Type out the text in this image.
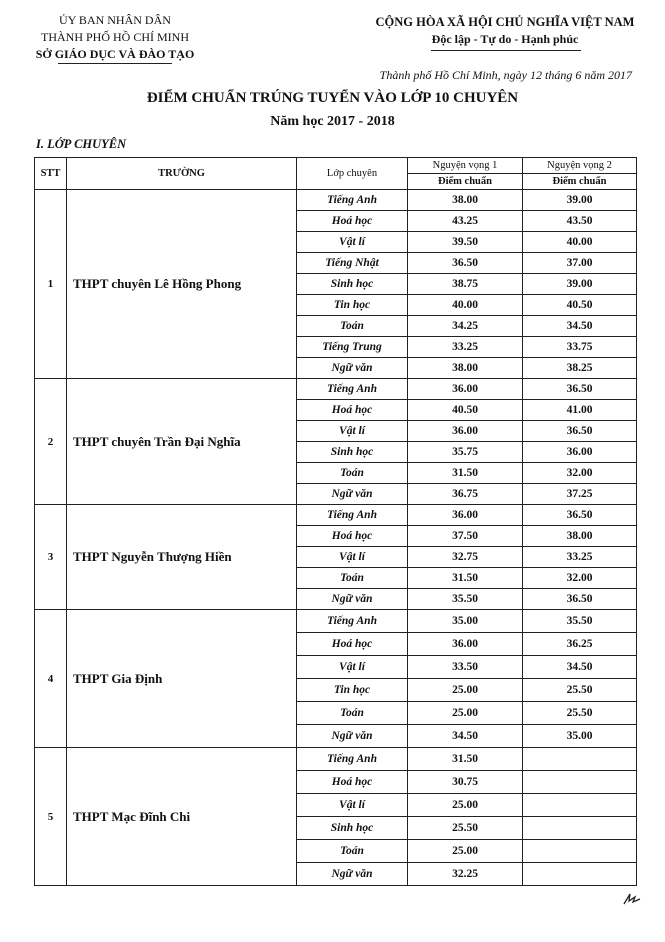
ỦY BAN NHÂN DÂN
THÀNH PHỐ HỒ CHÍ MINH
SỞ GIÁO DỤC VÀ ĐÀO TẠO
CỘNG HÒA XÃ HỘI CHỦ NGHĨA VIỆT NAM
Độc lập - Tự do - Hạnh phúc
Thành phố Hồ Chí Minh, ngày 12 tháng 6 năm 2017
ĐIỂM CHUẨN TRÚNG TUYỂN VÀO LỚP 10 CHUYÊN
Năm học 2017 - 2018
I. LỚP CHUYÊN
STT	TRƯỜNG	Lớp chuyên	Nguyện vọng 1	Nguyện vọng 2
			Điểm chuẩn	Điểm chuẩn
1	THPT chuyên Lê Hồng Phong	Tiếng Anh	38.00	39.00
		Hoá học	43.25	43.50
		Vật lí	39.50	40.00
		Tiếng Nhật	36.50	37.00
		Sinh học	38.75	39.00
		Tin học	40.00	40.50
		Toán	34.25	34.50
		Tiếng Trung	33.25	33.75
		Ngữ văn	38.00	38.25
2	THPT chuyên Trần Đại Nghĩa	Tiếng Anh	36.00	36.50
		Hoá học	40.50	41.00
		Vật lí	36.00	36.50
		Sinh học	35.75	36.00
		Toán	31.50	32.00
		Ngữ văn	36.75	37.25
3	THPT Nguyễn Thượng Hiền	Tiếng Anh	36.00	36.50
		Hoá học	37.50	38.00
		Vật lí	32.75	33.25
		Toán	31.50	32.00
		Ngữ văn	35.50	36.50
4	THPT Gia Định	Tiếng Anh	35.00	35.50
		Hoá học	36.00	36.25
		Vật lí	33.50	34.50
		Tin học	25.00	25.50
		Toán	25.00	25.50
		Ngữ văn	34.50	35.00
5	THPT Mạc Đĩnh Chi	Tiếng Anh	31.50	
		Hoá học	30.75	
		Vật lí	25.00	
		Sinh học	25.50	
		Toán	25.00	
		Ngữ văn	32.25	
